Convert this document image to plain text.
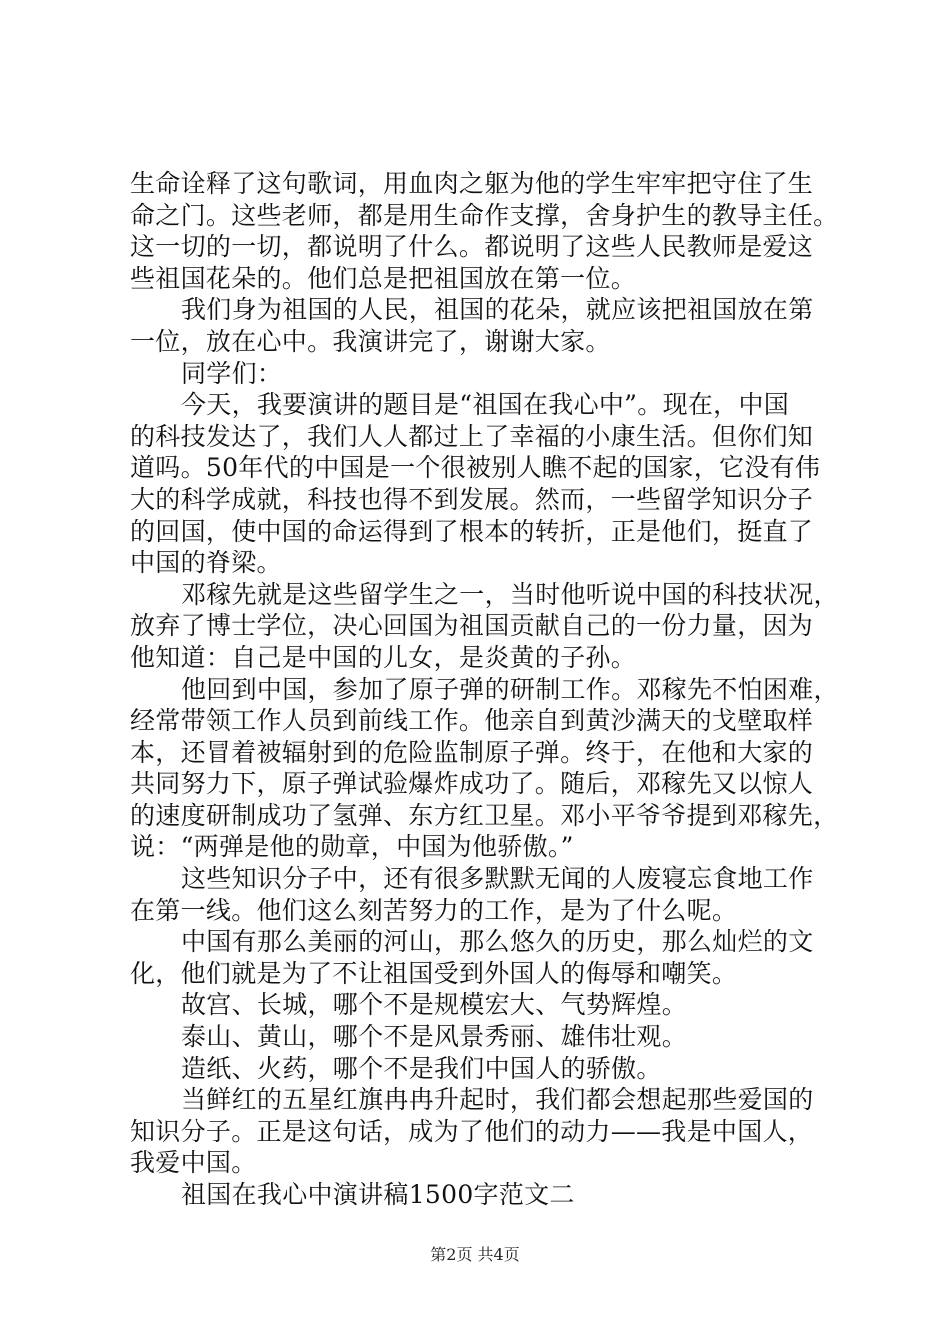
生命诠释了这句歌词，用血肉之躯为他的学生牢牢把守住了生
命之门。这些老师，都是用生命作支撑，舍身护生的教导主任。
这一切的一切，都说明了什么。都说明了这些人民教师是爱这
些祖国花朵的。他们总是把祖国放在第一位。
我们身为祖国的人民，祖国的花朵，就应该把祖国放在第
一位，放在心中。我演讲完了，谢谢大家。
同学们：
今天，我要演讲的题目是“祖国在我心中”。现在，中国
的科技发达了，我们人人都过上了幸福的小康生活。但你们知
道吗。50年代的中国是一个很被别人瞧不起的国家，它没有伟
大的科学成就，科技也得不到发展。然而，一些留学知识分子
的回国，使中国的命运得到了根本的转折，正是他们，挺直了
中国的脊梁。
邓稼先就是这些留学生之一，当时他听说中国的科技状况，
放弃了博士学位，决心回国为祖国贡献自己的一份力量，因为
他知道：自己是中国的儿女，是炎黄的子孙。
他回到中国，参加了原子弹的研制工作。邓稼先不怕困难，
经常带领工作人员到前线工作。他亲自到黄沙满天的戈壁取样
本，还冒着被辐射到的危险监制原子弹。终于，在他和大家的
共同努力下，原子弹试验爆炸成功了。随后，邓稼先又以惊人
的速度研制成功了氢弹、东方红卫星。邓小平爷爷提到邓稼先，
说：“两弹是他的勋章，中国为他骄傲。”
这些知识分子中，还有很多默默无闻的人废寝忘食地工作
在第一线。他们这么刻苦努力的工作，是为了什么呢。
中国有那么美丽的河山，那么悠久的历史，那么灿烂的文
化，他们就是为了不让祖国受到外国人的侮辱和嘲笑。
故宫、长城，哪个不是规模宏大、气势辉煌。
泰山、黄山，哪个不是风景秀丽、雄伟壮观。
造纸、火药，哪个不是我们中国人的骄傲。
当鲜红的五星红旗冉冉升起时，我们都会想起那些爱国的
知识分子。正是这句话，成为了他们的动力——我是中国人，
我爱中国。
祖国在我心中演讲稿1500字范文二
第2页 共4页
